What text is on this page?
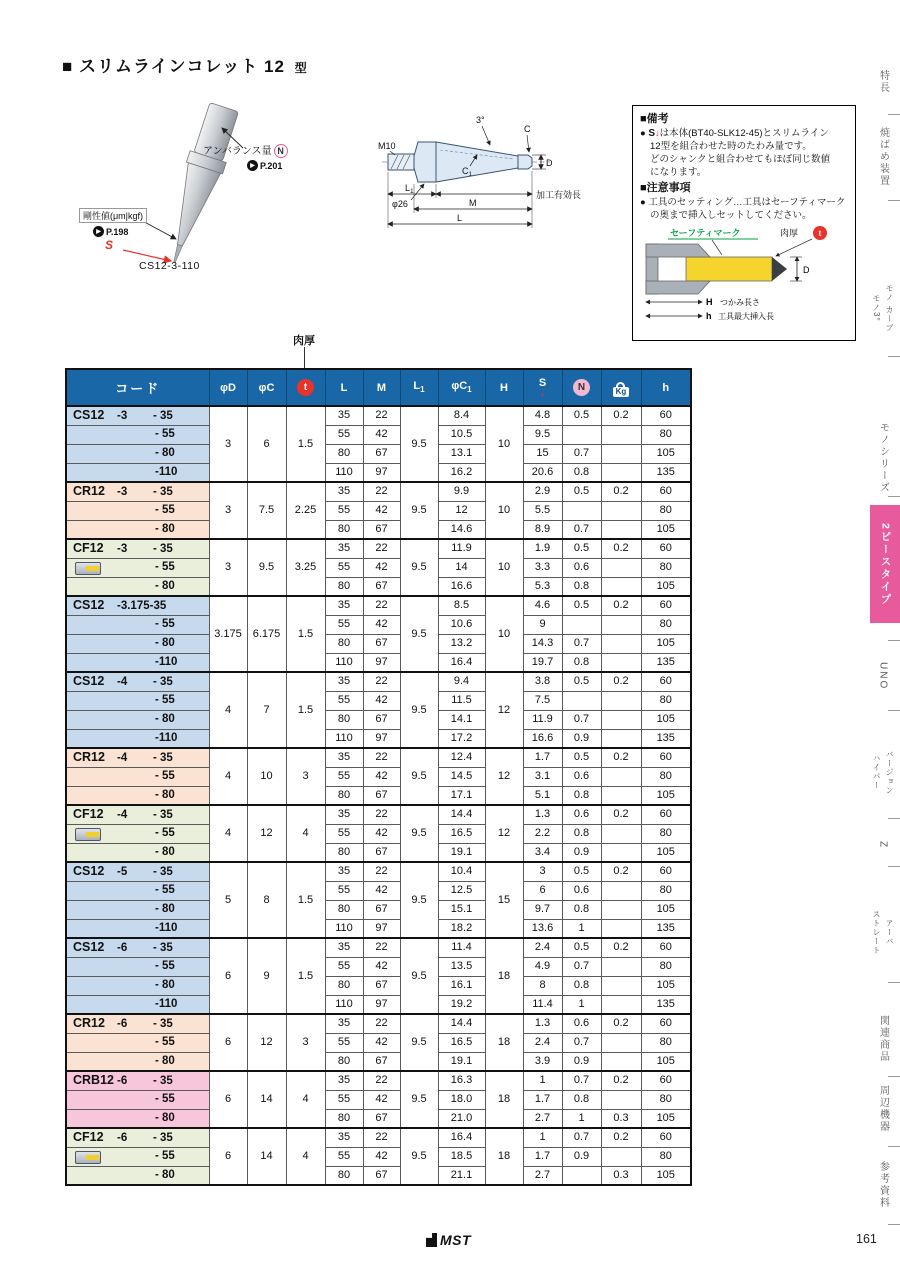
■ スリムラインコレット 12 型
アンバランス量 N
▶ P.201
剛性値(μm|kgf)
▶ P.198
S
CS12-3-110
3°
C
D
M10
$C_1$
φ26
$L_1$	加工有効長
M
L
■備考
● S↓は本体(BT40-SLK12-45)とスリムライン
12型を組合わせた時のたわみ量です。
どのシャンクと組合わせてもほぼ同じ数値
になります。
■注意事項
● 工具のセッティング…工具はセーフティマーク
の奥まで挿入しセットしてください。
セーフティマーク	肉厚	t
D
H つかみ長さ
h 工具最大挿入長
肉厚
コード	φD	φC	t	L	M	$L_1$	$\varphi C_1$	H	S
↓	N	Kg	h
CS12 -3 - 35	3	6	1.5	35	22	9.5	8.4	10	4.8	0.5	0.2	60
- 55				55	42		10.5		9.5			80
- 80				80	67		13.1		15	0.7		105
-110				110	97		16.2		20.6	0.8		135
CR12 -3 - 35	3	7.5	2.25	35	22	9.5	9.9	10	2.9	0.5	0.2	60
- 55				55	42		12		5.5			80
- 80				80	67		14.6		8.9	0.7		105
CF12 -3 - 35	3	9.5	3.25	35	22	9.5	11.9	10	1.9	0.5	0.2	60

- 55				55	42		14		3.3	0.6		80
- 80				80	67		16.6		5.3	0.8		105
CS12 -3.175-35	3.175	6.175	1.5	35	22	9.5	8.5	10	4.6	0.5	0.2	60
- 55				55	42		10.6		9			80
- 80				80	67		13.2		14.3	0.7		105
-110				110	97		16.4		19.7	0.8		135
CS12 -4 - 35	4	7	1.5	35	22	9.5	9.4	12	3.8	0.5	0.2	60
- 55				55	42		11.5		7.5			80
- 80				80	67		14.1		11.9	0.7		105
-110				110	97		17.2		16.6	0.9		135
CR12 -4 - 35	4	10	3	35	22	9.5	12.4	12	1.7	0.5	0.2	60
- 55				55	42		14.5		3.1	0.6		80
- 80				80	67		17.1		5.1	0.8		105
CF12 -4 - 35	4	12	4	35	22	9.5	14.4	12	1.3	0.6	0.2	60

- 55				55	42		16.5		2.2	0.8		80
- 80				80	67		19.1		3.4	0.9		105
CS12 -5 - 35	5	8	1.5	35	22	9.5	10.4	15	3	0.5	0.2	60
- 55				55	42		12.5		6	0.6		80
- 80				80	67		15.1		9.7	0.8		105
-110				110	97		18.2		13.6	1		135
CS12 -6 - 35	6	9	1.5	35	22	9.5	11.4	18	2.4	0.5	0.2	60
- 55				55	42		13.5		4.9	0.7		80
- 80				80	67		16.1		8	0.8		105
-110				110	97		19.2		11.4	1		135
CR12 -6 - 35	6	12	3	35	22	9.5	14.4	18	1.3	0.6	0.2	60
- 55				55	42		16.5		2.4	0.7		80
- 80				80	67		19.1		3.9	0.9		105
CRB12 -6 - 35	6	14	4	35	22	9.5	16.3	18	1	0.7	0.2	60
- 55				55	42		18.0		1.7	0.8		80
- 80				80	67		21.0		2.7	1	0.3	105
CF12 -6 - 35	6	14	4	35	22	9.5	16.4	18	1	0.7	0.2	60

- 55				55	42		18.5		1.7	0.9		80
- 80				80	67		21.1		2.7		0.3	105
特長
焼ばめ装置
モノ3° モノ カーブ
モノシリーズ
2ピースタイプ
UNO
ハイパー バージョン
Z
ストレート アーバ
関連商品
周辺機器
参考資料
MST	161
